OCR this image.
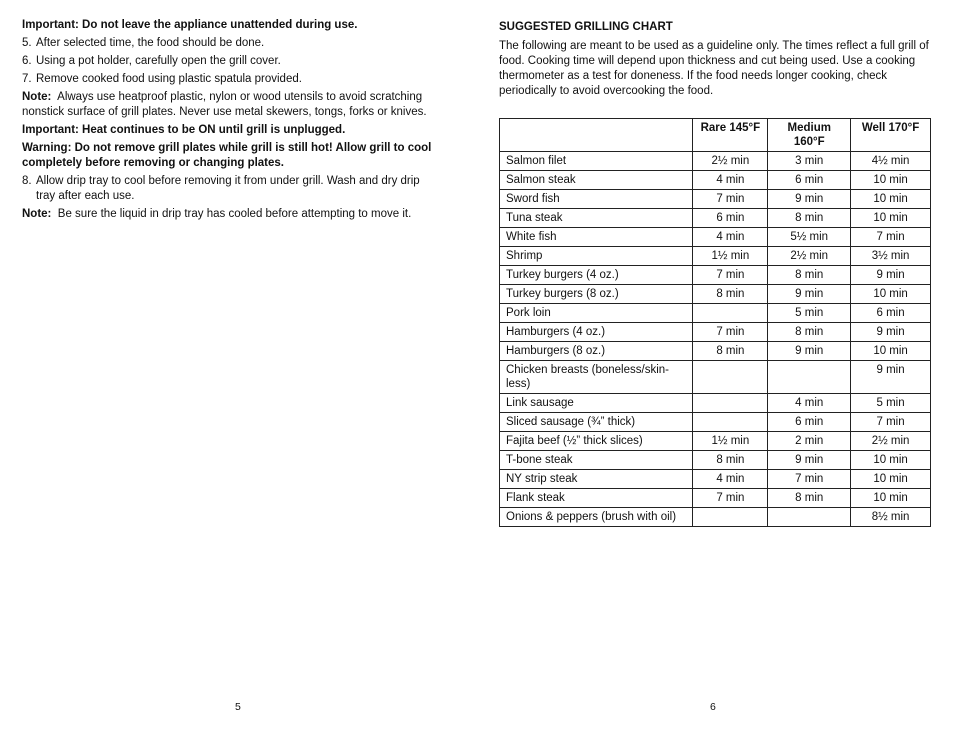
Important: Do not leave the appliance unattended during use.

5. After selected time, the food should be done.
6. Using a pot holder, carefully open the grill cover.
7. Remove cooked food using plastic spatula provided.

Note: Always use heatproof plastic, nylon or wood utensils to avoid scratching nonstick surface of grill plates. Never use metal skewers, tongs, forks or knives.

Important: Heat continues to be ON until grill is unplugged.

Warning: Do not remove grill plates while grill is still hot! Allow grill to cool completely before removing or changing plates.

8. Allow drip tray to cool before removing it from under grill. Wash and dry drip tray after each use.

Note: Be sure the liquid in drip tray has cooled before attempting to move it.

SUGGESTED GRILLING CHART

The following are meant to be used as a guideline only. The times reflect a full grill of food. Cooking time will depend upon thickness and cut being used. Use a cooking thermometer as a test for doneness. If the food needs longer cooking, check periodically to avoid overcooking the food.

	Rare 145°F	Medium 160°F	Well 170°F
Salmon filet	2½ min	3 min	4½ min
Salmon steak	4 min	6 min	10 min
Sword fish	7 min	9 min	10 min
Tuna steak	6 min	8 min	10 min
White fish	4 min	5½ min	7 min
Shrimp	1½ min	2½ min	3½ min
Turkey burgers (4 oz.)	7 min	8 min	9 min
Turkey burgers (8 oz.)	8 min	9 min	10 min
Pork loin		5 min	6 min
Hamburgers (4 oz.)	7 min	8 min	9 min
Hamburgers (8 oz.)	8 min	9 min	10 min
Chicken breasts (boneless/skin-less)			9 min
Link sausage		4 min	5 min
Sliced sausage (¾” thick)		6 min	7 min
Fajita beef (½” thick slices)	1½ min	2 min	2½ min
T-bone steak	8 min	9 min	10 min
NY strip steak	4 min	7 min	10 min
Flank steak	7 min	8 min	10 min
Onions & peppers (brush with oil)			8½ min
5	6
